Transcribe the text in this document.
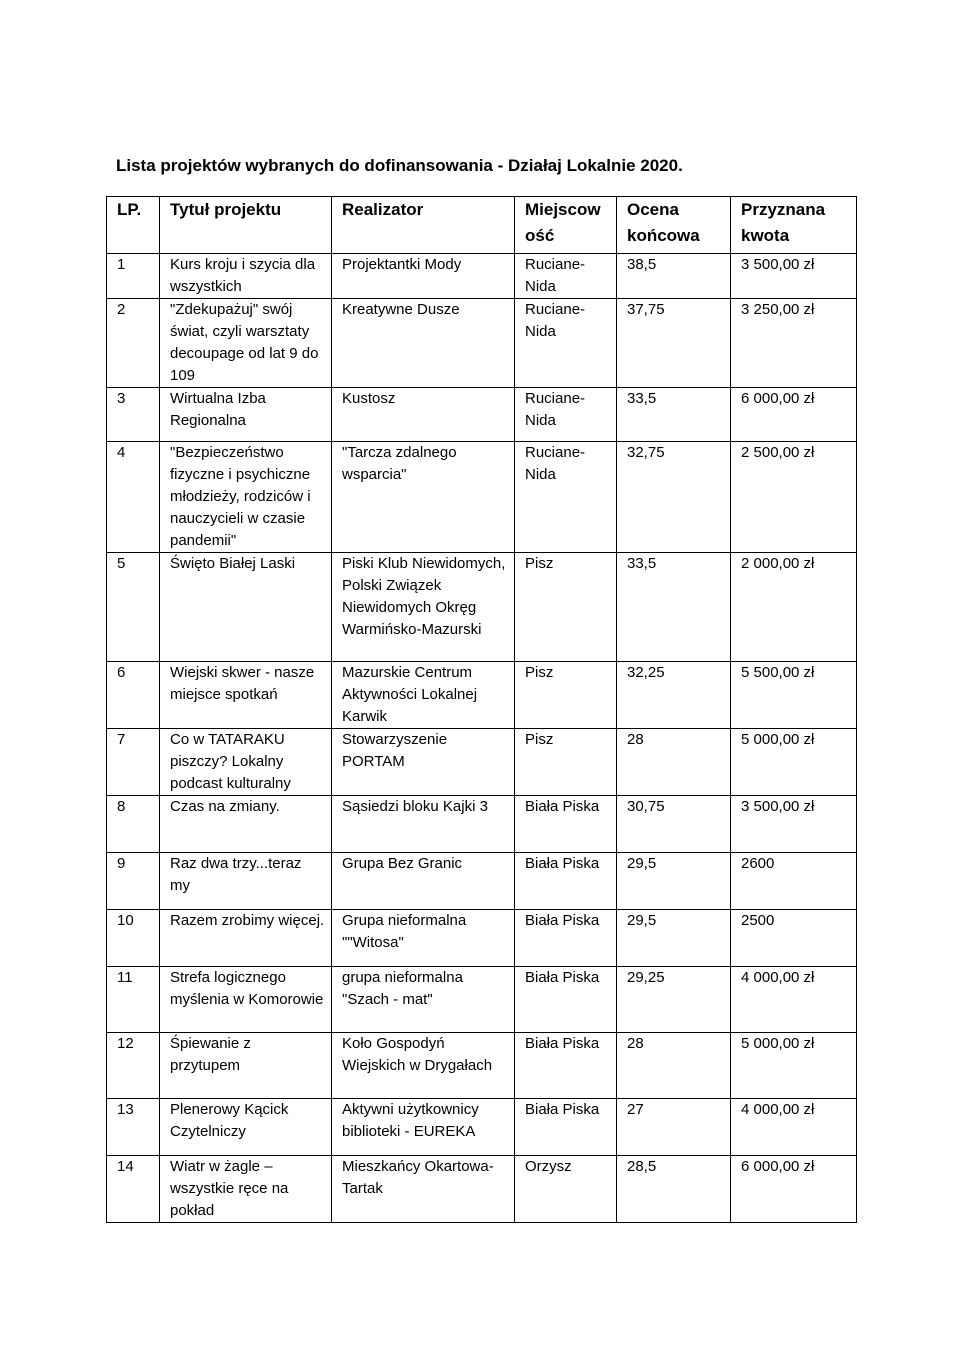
Lista projektów wybranych do dofinansowania - Działaj Lokalnie 2020.
LP.	Tytuł projektu	Realizator	Miejscow ość	Ocena końcowa	Przyznana kwota
1	Kurs kroju i szycia dla wszystkich	Projektantki Mody	Ruciane-Nida	38,5	3 500,00 zł
2	"Zdekupażuj" swój świat, czyli warsztaty decoupage od lat 9 do 109	Kreatywne Dusze	Ruciane-Nida	37,75	3 250,00 zł
3	Wirtualna Izba Regionalna	Kustosz	Ruciane-Nida	33,5	6 000,00 zł
4	"Bezpieczeństwo fizyczne i psychiczne młodzieży, rodziców i nauczycieli w czasie pandemii"	"Tarcza zdalnego wsparcia"	Ruciane-Nida	32,75	2 500,00 zł
5	Święto Białej Laski	Piski Klub Niewidomych, Polski Związek Niewidomych Okręg Warmińsko-Mazurski	Pisz	33,5	2 000,00 zł
6	Wiejski skwer - nasze miejsce spotkań	Mazurskie Centrum Aktywności Lokalnej Karwik	Pisz	32,25	5 500,00 zł
7	Co w TATARAKU piszczy? Lokalny podcast kulturalny	Stowarzyszenie PORTAM	Pisz	28	5 000,00 zł
8	Czas na zmiany.	Sąsiedzi bloku Kajki 3	Biała Piska	30,75	3 500,00 zł
9	Raz dwa trzy...teraz my	Grupa Bez Granic	Biała Piska	29,5	2600
10	Razem zrobimy więcej.	Grupa nieformalna ""Witosa"	Biała Piska	29,5	2500
11	Strefa logicznego myślenia w Komorowie	grupa nieformalna "Szach - mat"	Biała Piska	29,25	4 000,00 zł
12	Śpiewanie z przytupem	Koło Gospodyń Wiejskich w Drygałach	Biała Piska	28	5 000,00 zł
13	Plenerowy Kącick Czytelniczy	Aktywni użytkownicy biblioteki - EUREKA	Biała Piska	27	4 000,00 zł
14	Wiatr w żagle – wszystkie ręce na pokład	Mieszkańcy Okartowa-Tartak	Orzysz	28,5	6 000,00 zł
